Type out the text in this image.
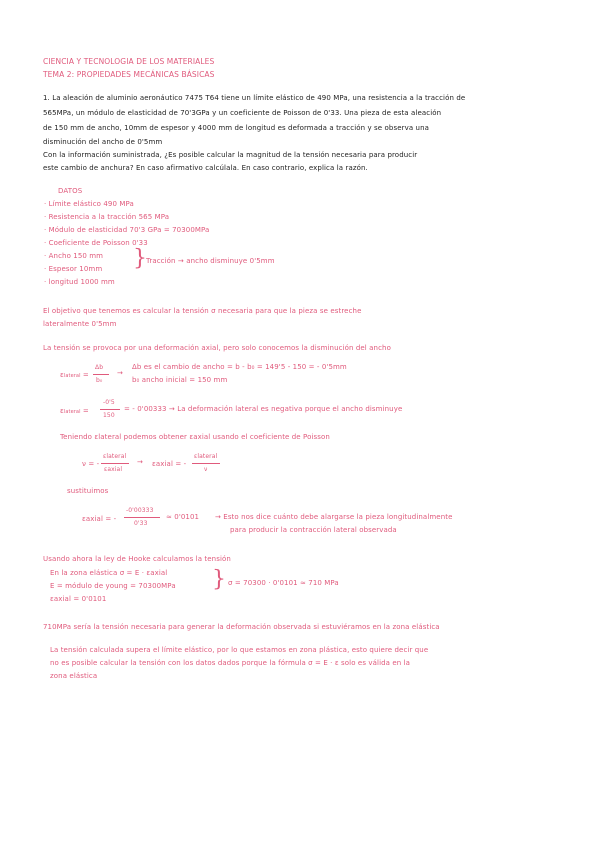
CIENCIA Y TECNOLOGIA DE LOS MATERIALES
TEMA 2: PROPIEDADES MECÁNICAS BÁSICAS
1. La aleación de aluminio aeronáutico 7475 T64 tiene un límite elástico de 490 MPa, una resistencia a la tracción de
565MPa, un módulo de elasticidad de 70'3GPa y un coeficiente de Poisson de 0'33. Una pieza de esta aleación
de 150 mm de ancho, 10mm de espesor y 4000 mm de longitud es deformada a tracción y se observa una
disminución del ancho de 0'5mm
Con la información suministrada, ¿Es posible calcular la magnitud de la tensión necesaria para producir
este cambio de anchura? En caso afirmativo calcúlala. En caso contrario, explica la razón.
DATOS
· Límite elástico 490 MPa
· Resistencia a la tracción 565 MPa
· Módulo de elasticidad 70'3 GPa = 70300MPa
· Coeficiente de Poisson 0'33
· Ancho 150 mm
· Espesor 10mm
· longitud 1000 mm
}
Tracción → ancho disminuye 0'5mm
El objetivo que tenemos es calcular la tensión σ necesaria para que la pieza se estreche
lateralmente 0'5mm
La tensión se provoca por una deformación axial, pero solo conocemos la disminución del ancho
εlateral =
Δb
b₀
→
Δb es el cambio de ancho = b - b₀ = 149'5 - 150 = - 0'5mm
b₀ ancho inicial = 150 mm
εlateral =
-0'5
150
= - 0'00333 → La deformación lateral es negativa porque el ancho disminuye
Teniendo εlateral podemos obtener εaxial usando el coeficiente de Poisson
ν = -
εlateral
εaxial
→ εaxial = -
εlateral
ν
sustituimos
εaxial = -
-0'00333
0'33
≈ 0'0101 → Esto nos dice cuánto debe alargarse la pieza longitudinalmente
para producir la contracción lateral observada
Usando ahora la ley de Hooke calculamos la tensión
En la zona elástica σ = E · εaxial
E = módulo de young = 70300MPa
εaxial = 0'0101
} σ = 70300 · 0'0101 ≈ 710 MPa
710MPa sería la tensión necesaria para generar la deformación observada si estuviéramos en la zona elástica
La tensión calculada supera el límite elástico, por lo que estamos en zona plástica, esto quiere decir que
no es posible calcular la tensión con los datos dados porque la fórmula σ = E · ε solo es válida en la
zona elástica
